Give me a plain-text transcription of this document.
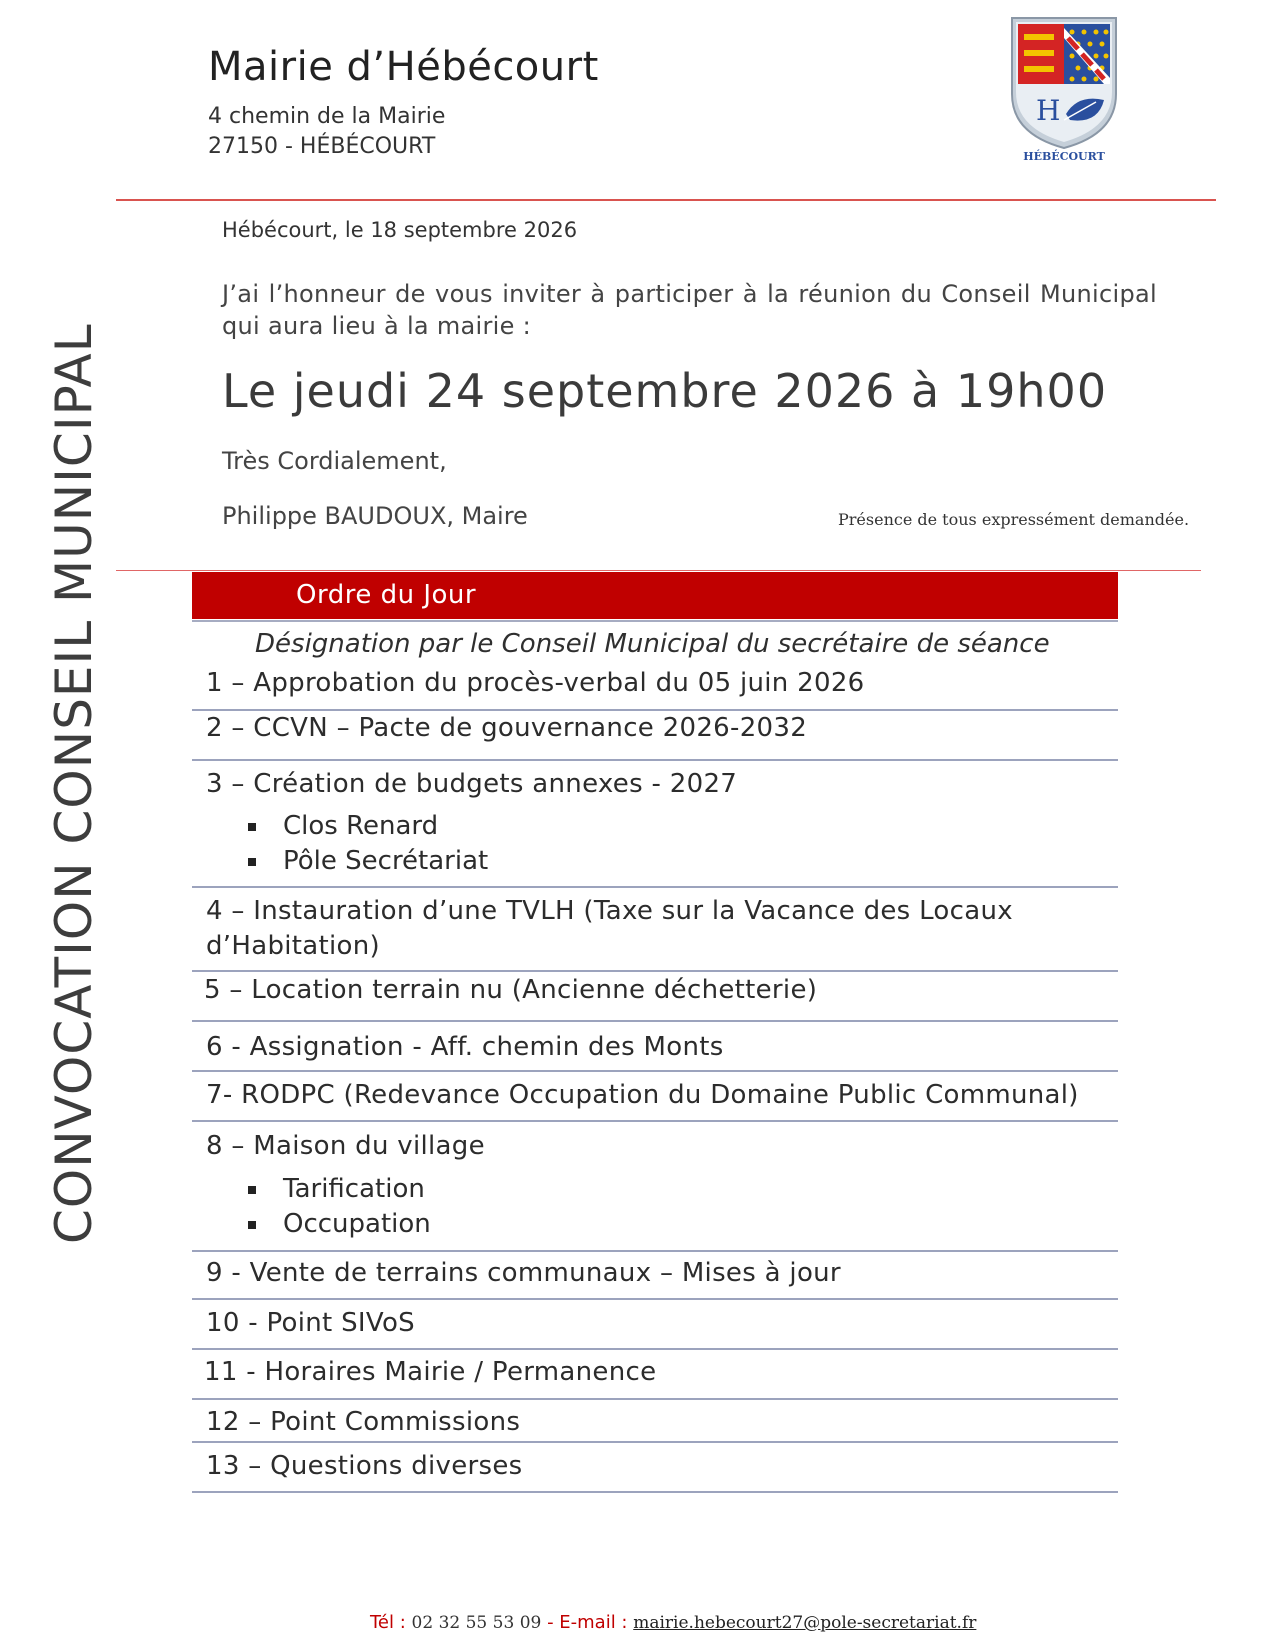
Mairie d’Hébécourt
4 chemin de la Mairie
27150 - HÉBÉCOURT
H
HÉBÉCOURT
CONVOCATION CONSEIL MUNICIPAL
Hébécourt, le 18 septembre 2026
J’ai l’honneur de vous inviter à participer à la réunion du Conseil Municipal qui aura lieu à la mairie :
Le jeudi 24 septembre 2026 à 19h00
Très Cordialement,
Philippe BAUDOUX, Maire	Présence de tous expressément demandée.
Ordre du Jour
Désignation par le Conseil Municipal du secrétaire de séance
1 – Approbation du procès-verbal du 05 juin 2026
2 – CCVN – Pacte de gouvernance 2026-2032
3 – Création de budgets annexes - 2027
Clos Renard
Pôle Secrétariat
4 – Instauration d’une TVLH (Taxe sur la Vacance des Locaux
d’Habitation)
5 – Location terrain nu (Ancienne déchetterie)
6 - Assignation - Aff. chemin des Monts
7- RODPC (Redevance Occupation du Domaine Public Communal)
8 – Maison du village
Tarification
Occupation
9 - Vente de terrains communaux – Mises à jour
10 - Point SIVoS
11 - Horaires Mairie / Permanence
12 – Point Commissions
13 – Questions diverses
Tél : 02 32 55 53 09 - E-mail : mairie.hebecourt27@pole-secretariat.fr
